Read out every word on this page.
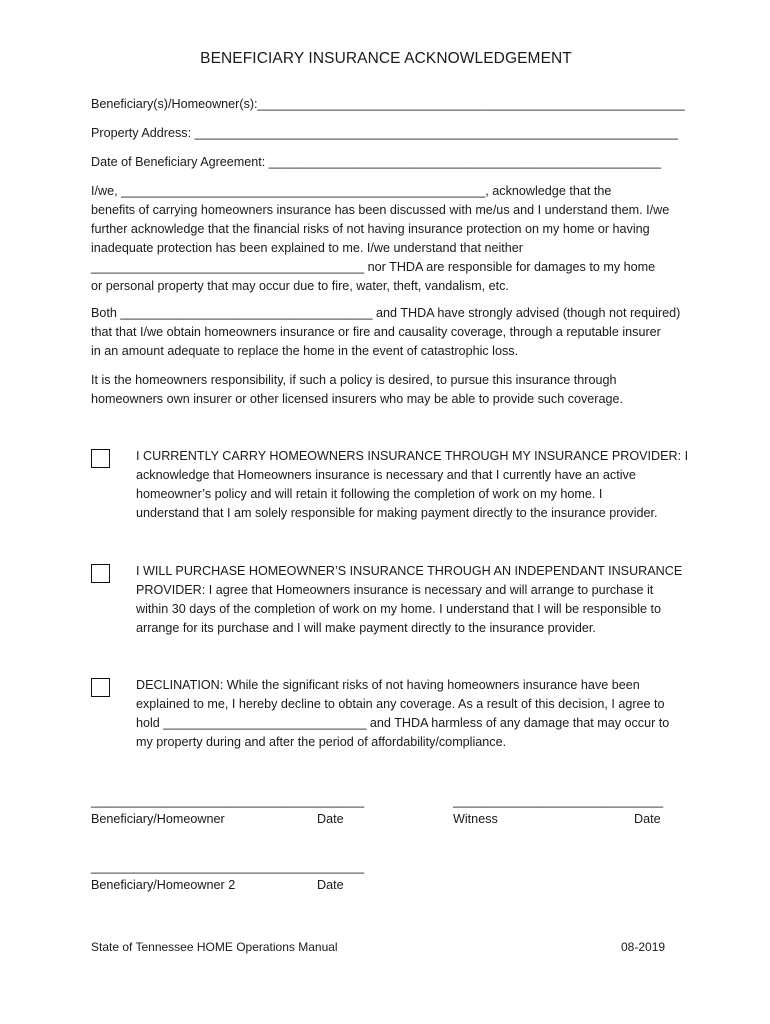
BENEFICIARY INSURANCE ACKNOWLEDGEMENT
Beneficiary(s)/Homeowner(s):_____________________________________________________________
Property Address: _____________________________________________________________________
Date of Beneficiary Agreement: ________________________________________________________

I/we, ____________________________________________________, acknowledge that the

benefits of carrying homeowners insurance has been discussed with me/us and I understand them. I/we

further acknowledge that the financial risks of not having insurance protection on my home or having

inadequate protection has been explained to me. I/we understand that neither

_______________________________________ nor THDA are responsible for damages to my home

or personal property that may occur due to fire, water, theft, vandalism, etc.

Both ____________________________________ and THDA have strongly advised (though not required)

that that I/we obtain homeowners insurance or fire and causality coverage, through a reputable insurer

in an amount adequate to replace the home in the event of catastrophic loss.

It is the homeowners responsibility, if such a policy is desired, to pursue this insurance through

homeowners own insurer or other licensed insurers who may be able to provide such coverage.

I CURRENTLY CARRY HOMEOWNERS INSURANCE THROUGH MY INSURANCE PROVIDER: I

acknowledge that Homeowners insurance is necessary and that I currently have an active

homeowner’s policy and will retain it following the completion of work on my home. I

understand that I am solely responsible for making payment directly to the insurance provider.

I WILL PURCHASE HOMEOWNER’S INSURANCE THROUGH AN INDEPENDANT INSURANCE

PROVIDER: I agree that Homeowners insurance is necessary and will arrange to purchase it

within 30 days of the completion of work on my home. I understand that I will be responsible to

arrange for its purchase and I will make payment directly to the insurance provider.

DECLINATION: While the significant risks of not having homeowners insurance have been

explained to me, I hereby decline to obtain any coverage. As a result of this decision, I agree to

hold _____________________________ and THDA harmless of any damage that may occur to

my property during and after the period of affordability/compliance.

_______________________________________	______________________________
Beneficiary/Homeowner	Date	Witness	Date
_______________________________________
Beneficiary/Homeowner 2	Date
State of Tennessee HOME Operations Manual	08-2019
